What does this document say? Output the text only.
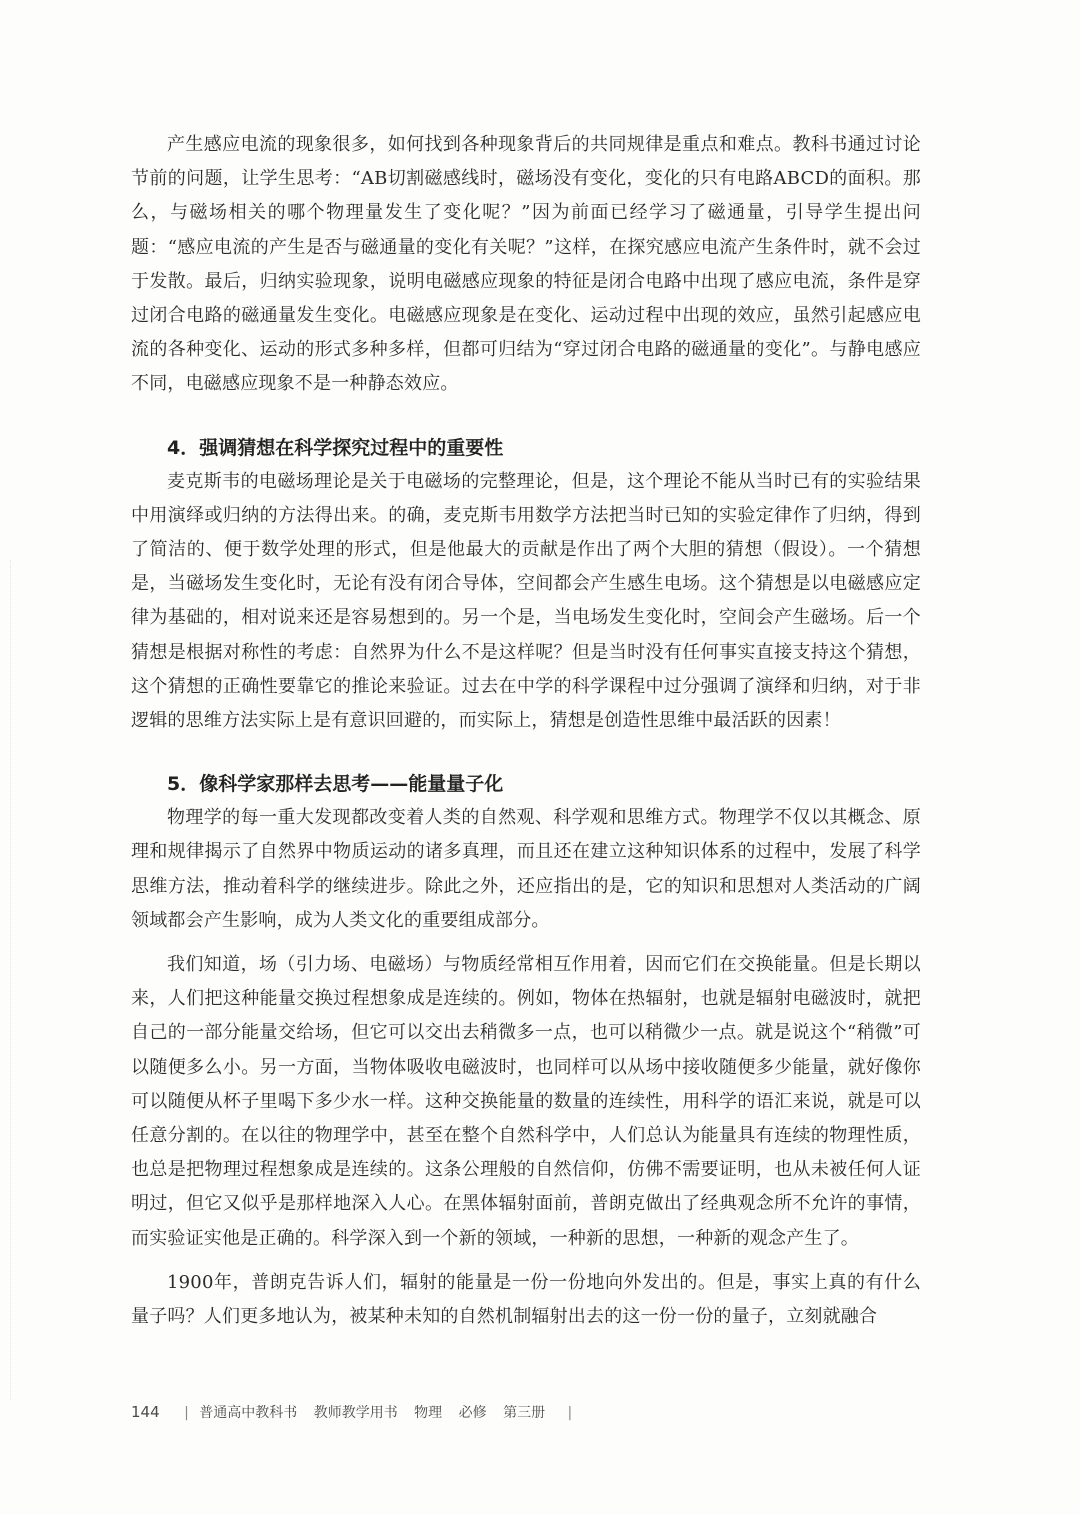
产生感应电流的现象很多，如何找到各种现象背后的共同规律是重点和难点。教科书通过讨论节前的问题，让学生思考：“AB切割磁感线时，磁场没有变化，变化的只有电路ABCD的面积。那么，与磁场相关的哪个物理量发生了变化呢？”因为前面已经学习了磁通量，引导学生提出问题：“感应电流的产生是否与磁通量的变化有关呢？”这样，在探究感应电流产生条件时，就不会过于发散。最后，归纳实验现象，说明电磁感应现象的特征是闭合电路中出现了感应电流，条件是穿过闭合电路的磁通量发生变化。电磁感应现象是在变化、运动过程中出现的效应，虽然引起感应电流的各种变化、运动的形式多种多样，但都可归结为“穿过闭合电路的磁通量的变化”。与静电感应不同，电磁感应现象不是一种静态效应。

4．强调猜想在科学探究过程中的重要性

麦克斯韦的电磁场理论是关于电磁场的完整理论，但是，这个理论不能从当时已有的实验结果中用演绎或归纳的方法得出来。的确，麦克斯韦用数学方法把当时已知的实验定律作了归纳，得到了简洁的、便于数学处理的形式，但是他最大的贡献是作出了两个大胆的猜想（假设）。一个猜想是，当磁场发生变化时，无论有没有闭合导体，空间都会产生感生电场。这个猜想是以电磁感应定律为基础的，相对说来还是容易想到的。另一个是，当电场发生变化时，空间会产生磁场。后一个猜想是根据对称性的考虑：自然界为什么不是这样呢？但是当时没有任何事实直接支持这个猜想，这个猜想的正确性要靠它的推论来验证。过去在中学的科学课程中过分强调了演绎和归纳，对于非逻辑的思维方法实际上是有意识回避的，而实际上，猜想是创造性思维中最活跃的因素！

5．像科学家那样去思考——能量量子化

物理学的每一重大发现都改变着人类的自然观、科学观和思维方式。物理学不仅以其概念、原理和规律揭示了自然界中物质运动的诸多真理，而且还在建立这种知识体系的过程中，发展了科学思维方法，推动着科学的继续进步。除此之外，还应指出的是，它的知识和思想对人类活动的广阔领域都会产生影响，成为人类文化的重要组成部分。

我们知道，场（引力场、电磁场）与物质经常相互作用着，因而它们在交换能量。但是长期以来，人们把这种能量交换过程想象成是连续的。例如，物体在热辐射，也就是辐射电磁波时，就把自己的一部分能量交给场，但它可以交出去稍微多一点，也可以稍微少一点。就是说这个“稍微”可以随便多么小。另一方面，当物体吸收电磁波时，也同样可以从场中接收随便多少能量，就好像你可以随便从杯子里喝下多少水一样。这种交换能量的数量的连续性，用科学的语汇来说，就是可以任意分割的。在以往的物理学中，甚至在整个自然科学中，人们总认为能量具有连续的物理性质，也总是把物理过程想象成是连续的。这条公理般的自然信仰，仿佛不需要证明，也从未被任何人证明过，但它又似乎是那样地深入人心。在黑体辐射面前，普朗克做出了经典观念所不允许的事情，而实验证实他是正确的。科学深入到一个新的领域，一种新的思想，一种新的观念产生了。

1900年，普朗克告诉人们，辐射的能量是一份一份地向外发出的。但是，事实上真的有什么量子吗？人们更多地认为，被某种未知的自然机制辐射出去的这一份一份的量子，立刻就融合

144 | 普通高中教科书 教师教学用书 物理 必修 第三册 |
